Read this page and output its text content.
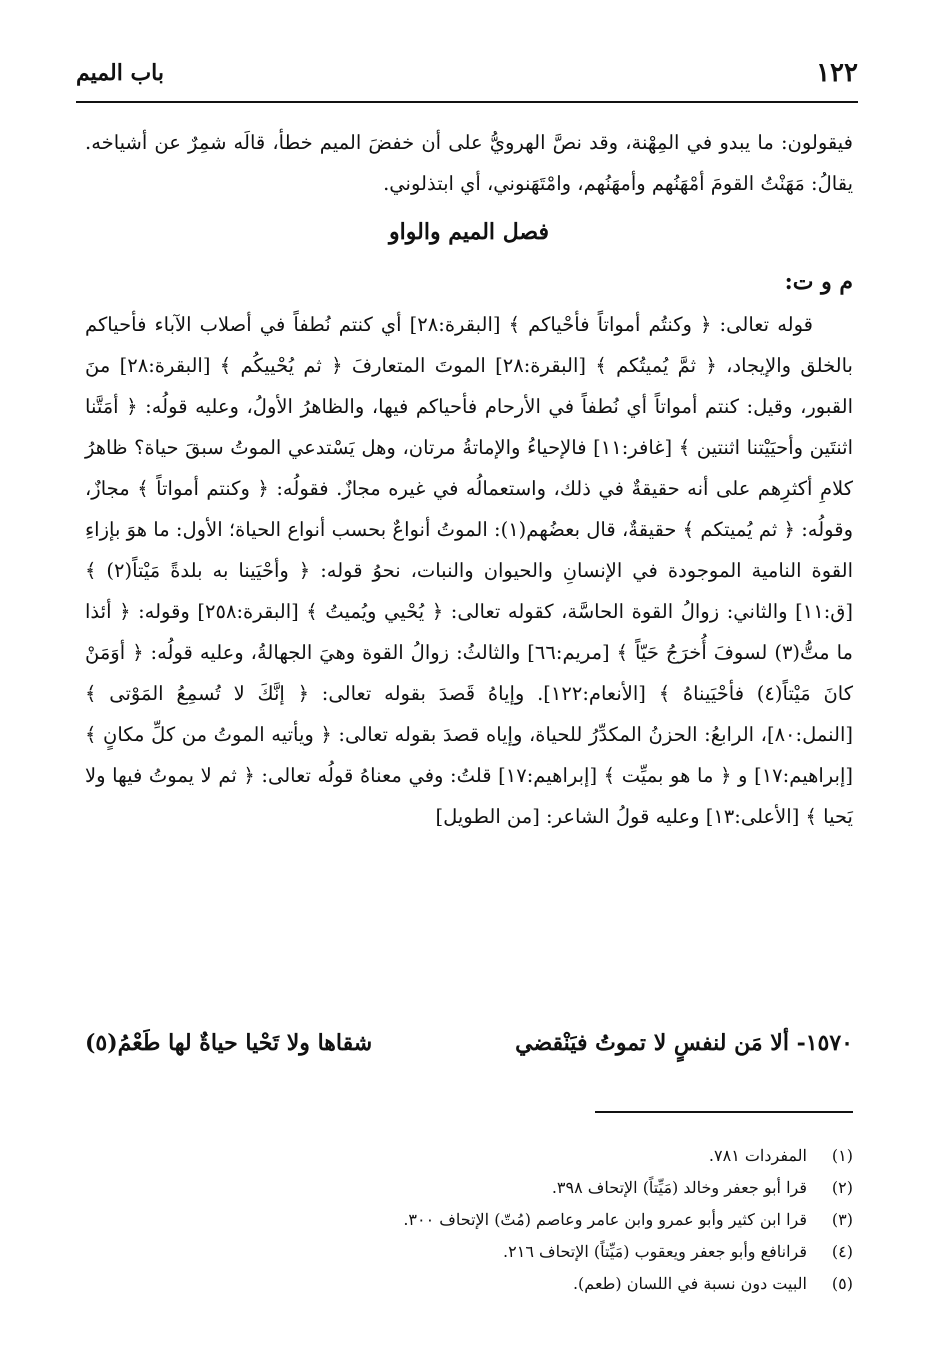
١٢٢
باب الميم

فيقولون: ما يبدو في المِهْنة، وقد نصَّ الهرويُّ على أن خفضَ الميم خطأ، قالَه شمِرٌ عن أشياخه. يقالُ: مَهَنْتُ القومَ أمْهَنُهم وأمهَنُهم، وامْتَهَنوني، أي ابتذلوني.

فصل الميم والواو

م و ت:

قوله تعالى: ﴿ وكنتُم أمواتاً فأحْياكم ﴾ [البقرة:٢٨] أي كنتم نُطفاً في أصلاب الآباء فأحياكم بالخلق والإيجاد، ﴿ ثمَّ يُميتُكم ﴾ [البقرة:٢٨] الموتَ المتعارفَ ﴿ ثم يُحْييكُم ﴾ [البقرة:٢٨] منَ القبور، وقيل: كنتم أمواتاً أي نُطفاً في الأرحام فأحياكم فيها، والظاهرُ الأولُ، وعليه قولُه: ﴿ أمَتَّنا اثنتَين وأحيَيْتنا اثنتين ﴾ [غافر:١١] فالإحياءُ والإماتةُ مرتان، وهل يَسْتدعي الموتُ سبقَ حياة؟ ظاهرُ كلامِ أكثرِهم على أنه حقيقةٌ في ذلك، واستعمالُه في غيره مجازٌ. فقولُه: ﴿ وكنتم أمواتاً ﴾ مجازٌ، وقولُه: ﴿ ثم يُميتكم ﴾ حقيقةٌ، قال بعضُهم(١): الموتُ أنواعٌ بحسب أنواع الحياة؛ الأول: ما هوَ بإزاءِ القوة النامية الموجودة في الإنسانِ والحيوان والنبات، نحوُ قوله: ﴿ وأحْيَينا به بلدةً مَيْتاً(٢) ﴾ [ق:١١] والثاني: زوالُ القوة الحاسَّة، كقوله تعالى: ﴿ يُحْيي ويُميتُ ﴾ [البقرة:٢٥٨] وقوله: ﴿ أئذا ما متُّ(٣) لسوفَ أُخرَجُ حَيّاً ﴾ [مريم:٦٦] والثالثُ: زوالُ القوة وهيَ الجهالةُ، وعليه قولُه: ﴿ أوَمَنْ كانَ مَيْتاً(٤) فأحْيَيناهُ ﴾ [الأنعام:١٢٢]. وإياهُ قَصدَ بقوله تعالى: ﴿ إنَّكَ لا تُسمِعُ المَوْتى ﴾ [النمل:٨٠]، الرابعُ: الحزنُ المكدِّرُ للحياة، وإياه قصدَ بقوله تعالى: ﴿ ويأتيه الموتُ من كلِّ مكانٍ ﴾ [إبراهيم:١٧] و ﴿ ما هو بميِّت ﴾ [إبراهيم:١٧] قلتُ: وفي معناهُ قولُه تعالى: ﴿ ثم لا يموتُ فيها ولا يَحيا ﴾ [الأعلى:١٣] وعليه قولُ الشاعر: [من الطويل]

١٥٧٠- ألا مَن لنفسٍ لا تموتُ فيَنْقضي
شقاها ولا تَحْيا حياةٌ لها طَعْمُ(٥)

(١)المفردات ٧٨١.

(٢)قرا أبو جعفر وخالد (مَيِّتاً) الإتحاف ٣٩٨.

(٣)قرا ابن كثير وأبو عمرو وابن عامر وعاصم (مُتّ) الإتحاف ٣٠٠.

(٤)قرانافع وأبو جعفر ويعقوب (مَيِّتاً) الإتحاف ٢١٦.

(٥)البيت دون نسبة في اللسان (طعم).
